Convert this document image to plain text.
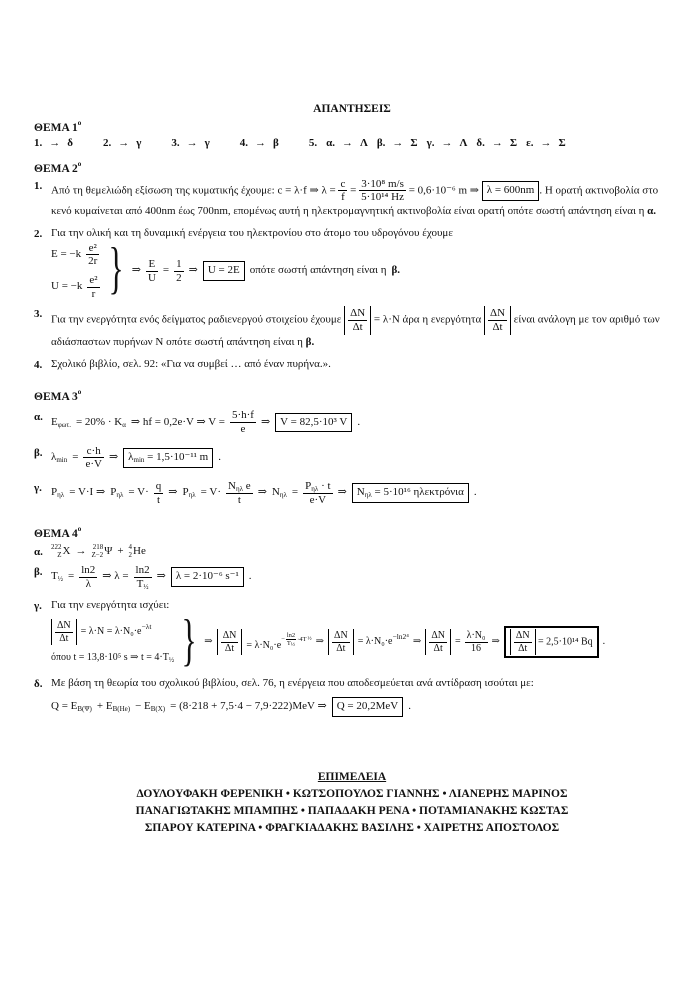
ΑΠΑΝΤΗΣΕΙΣ
ΘΕΜΑ $1^o$
1. → δ	2. → γ	3. → γ	4. → β	5. α. → Λ β. → Σ γ. → Λ δ. → Σ ε. → Σ
ΘΕΜΑ $2^o$
1. Από τη θεμελιώδη εξίσωση της κυματικής έχουμε: c = λ·f ⇒ $\lambda = \frac{c}{f} = \frac{\text{3·10⁸ m/s}}{\text{5·10¹⁴ Hz}} = 0,6\cdot 10^{-6}$ m ⇒ λ = 600nm . Η ορατή ακτινοβολία στο κενό κυμαίνεται από 400nm έως 700nm, επομένως αυτή η ηλεκτρομαγνητική ακτινοβολία είναι ορατή οπότε σωστή απάντηση είναι η α.
2. Για την ολική και τη δυναμική ενέργεια του ηλεκτρονίου στο άτομο του υδρογόνου έχουμε
$E = -k \frac{\text{e²}}{2r}$
$U = -k \frac{\text{e²}}{r}$ } ⇒ $\frac{E}{U} = \frac{1}{2}$ ⇒ U = 2E οπότε σωστή απάντηση είναι η β.
3. Για την ενεργότητα ενός δείγματος ραδιενεργού στοιχείου έχουμε $\frac{\Delta N}{\Delta t} = \lambda\cdot N$ άρα η ενεργότητα $\frac{\Delta N}{\Delta t}$ είναι ανάλογη με τον αριθμό των αδιάσπαστων πυρήνων N οπότε σωστή απάντηση είναι η β.
4. Σχολικό βιβλίο, σελ. 92: «Για να συμβεί … από έναν πυρήνα.».
ΘΕΜΑ $3^o$
α. $E_{\varphi\omega\tau.} = 20\% \cdot K_\alpha$ ⇒ hf = 0,2e·V ⇒ $V = \frac{5\cdot h\cdot f}{e}$ ⇒ V = 82,5·10³ V .
β. $\lambda_{min} = \frac{c\cdot h}{e\cdot V}$ ⇒ $\lambda_{min} = 1,5\cdot 10^{-11}$ m .
γ. $P_{\eta\lambda} = V\cdot I$ ⇒ $P_{\eta\lambda} = V\cdot \frac{q}{t}$ ⇒ $P_{\eta\lambda} = V\cdot \frac{N_{\eta\lambda} e}{t}$ ⇒ $N_{\eta\lambda} = \frac{P_{\eta\lambda} \cdot t}{e\cdot V}$ ⇒ $N_{\eta\lambda} = 5\cdot 10^{16}$ ηλεκτρόνια .
ΘΕΜΑ $4^o$
α. 222
Z X → 218
Z−2 Ψ + 4
2 He
β. $T_{\frac{1}{2}} = \frac{\ln 2}{\lambda}$ ⇒ $\lambda = \frac{\ln 2}{T_{\frac{1}{2}}}$ ⇒ λ = 2·10⁻⁶ s⁻¹ .
γ. Για την ενεργότητα ισχύει:
$\frac{\Delta N}{\Delta t} = \lambda\cdot N = \lambda\cdot N_0\cdot e^{-\lambda t}$
όπου t = 13,8·10⁵ s ⇒ $t = 4\cdot T_{\frac{1}{2}}$ } ⇒ $\frac{\Delta N}{\Delta t} = \lambda\cdot N_0\cdot e$
− $\frac{\ln 2}{T_{\frac{1}{2}}} \cdot 4T$ ½ ⇒ $\frac{\Delta N}{\Delta t} = \lambda\cdot N_0\cdot e^{-ln2^4}$ ⇒ $\frac{\Delta N}{\Delta t} = \frac{\text{λ·N₀}}{16}$ ⇒ $\frac{\Delta N}{\Delta t} = 2,5\cdot 10^{14}$ Bq	.
δ. Με βάση τη θεωρία του σχολικού βιβλίου, σελ. 76, η ενέργεια που αποδεσμεύεται ανά αντίδραση ισούται με:
$Q = E_{B(\Psi)} + E_{B(He)} - E_{B(X)} = (8\cdot 218 + 7,5\cdot 4 - 7,9\cdot 222)MeV$ ⇒ Q = 20,2MeV .
ΕΠΙΜΕΛΕΙΑ
ΔΟΥΛΟΥΦΑΚΗ ΦΕΡΕΝΙΚΗ • ΚΩΤΣΟΠΟΥΛΟΣ ΓΙΑΝΝΗΣ • ΛΙΑΝΕΡΗΣ ΜΑΡΙΝΟΣ
ΠΑΝΑΓΙΩΤΑΚΗΣ ΜΠΑΜΠΗΣ • ΠΑΠΑΔΑΚΗ ΡΕΝΑ • ΠΟΤΑΜΙΑΝΑΚΗΣ ΚΩΣΤΑΣ
ΣΠΑΡΟΥ ΚΑΤΕΡΙΝΑ • ΦΡΑΓΚΙΑΔΑΚΗΣ ΒΑΣΙΛΗΣ • ΧΑΙΡΕΤΗΣ ΑΠΟΣΤΟΛΟΣ
